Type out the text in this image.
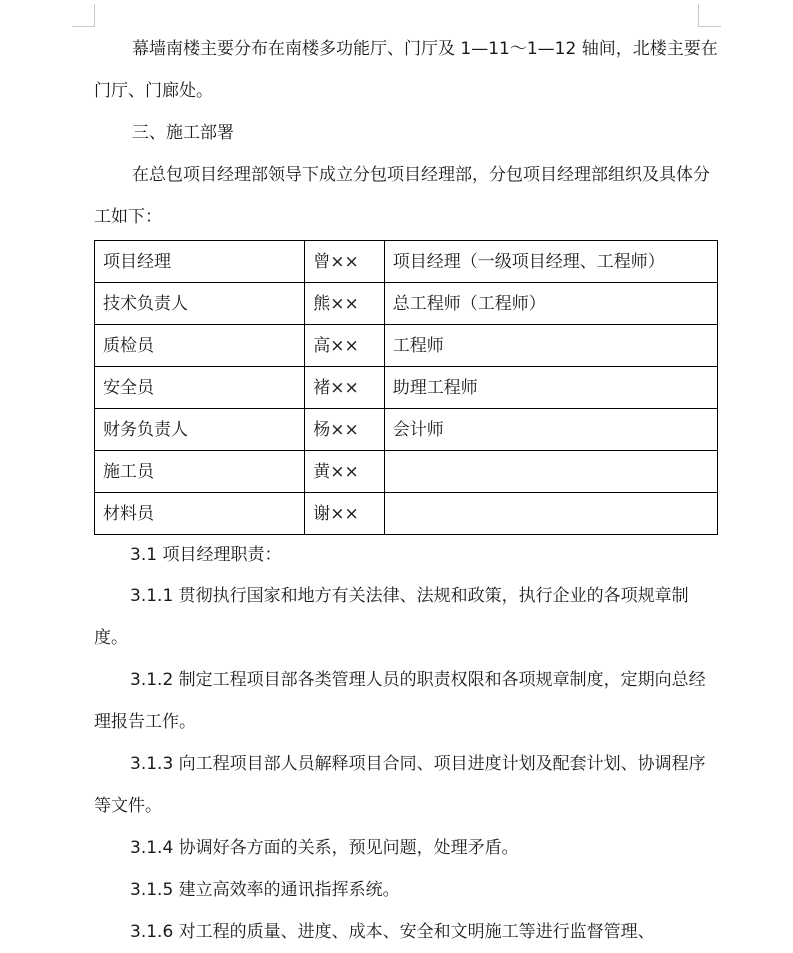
幕墙南楼主要分布在南楼多功能厅、门厅及 1—11～1—12 轴间，北楼主要在门厅、门廊处。

三、施工部署

在总包项目经理部领导下成立分包项目经理部，分包项目经理部组织及具体分工如下：

项目经理	曾××	项目经理（一级项目经理、工程师）
技术负责人	熊××	总工程师（工程师）
质检员	高××	工程师
安全员	褚××	助理工程师
财务负责人	杨××	会计师
施工员	黄××	
材料员	谢××	

3.1 项目经理职责：

3.1.1 贯彻执行国家和地方有关法律、法规和政策，执行企业的各项规章制度。

3.1.2 制定工程项目部各类管理人员的职责权限和各项规章制度，定期向总经理报告工作。

3.1.3 向工程项目部人员解释项目合同、项目进度计划及配套计划、协调程序等文件。

3.1.4 协调好各方面的关系，预见问题，处理矛盾。

3.1.5 建立高效率的通讯指挥系统。

3.1.6 对工程的质量、进度、成本、安全和文明施工等进行监督管理、
